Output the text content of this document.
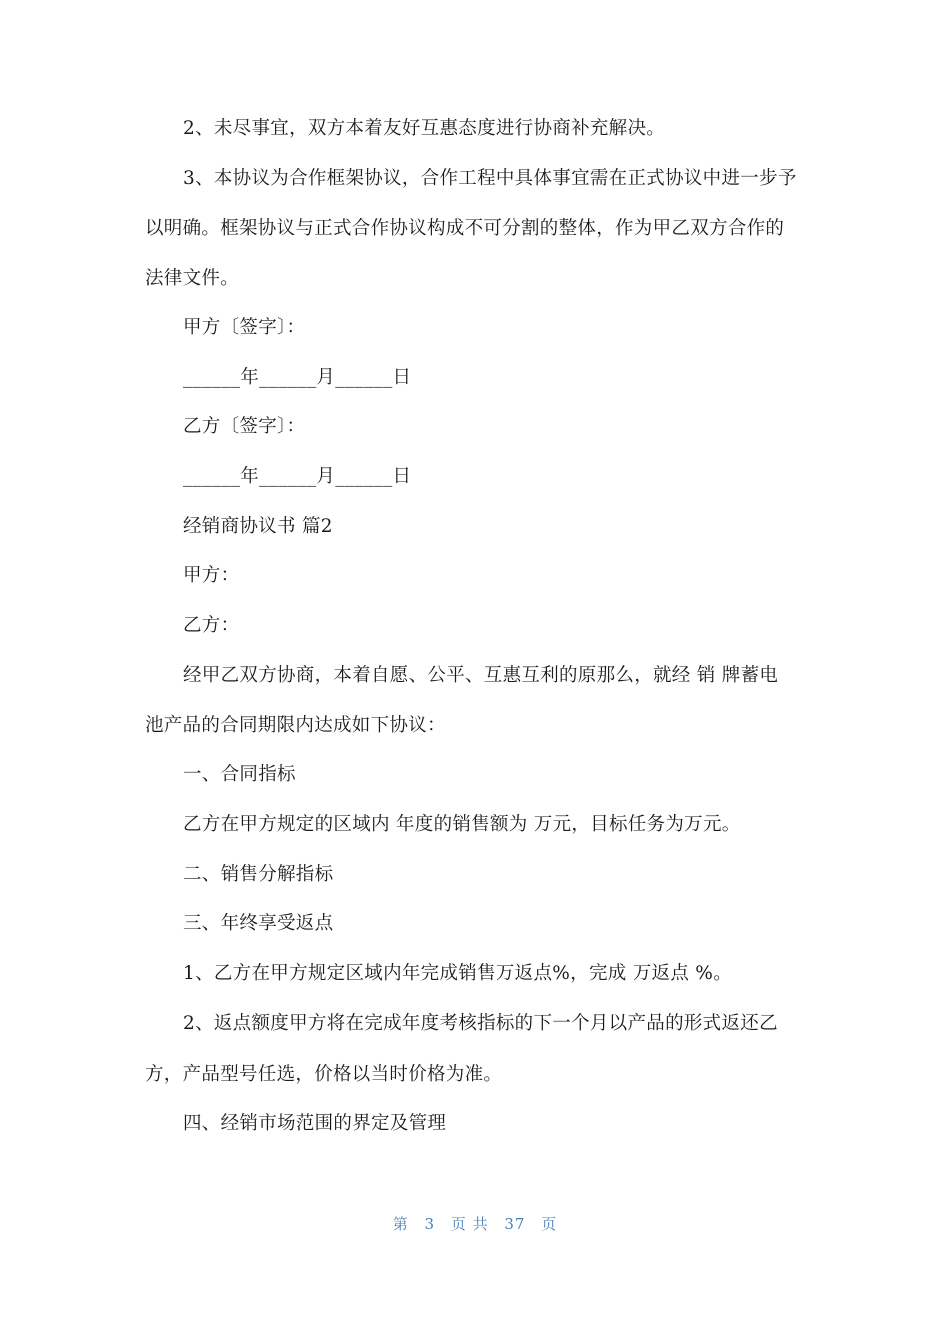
2、未尽事宜，双方本着友好互惠态度进行协商补充解决。
3、本协议为合作框架协议，合作工程中具体事宜需在正式协议中进一步予
以明确。框架协议与正式合作协议构成不可分割的整体，作为甲乙双方合作的
法律文件。
甲方〔签字〕：
______年______月______日
乙方〔签字〕：
______年______月______日
经销商协议书 篇2
甲方：
乙方：
经甲乙双方协商，本着自愿、公平、互惠互利的原那么，就经 销 牌蓄电
池产品的合同期限内达成如下协议：
一、合同指标
乙方在甲方规定的区域内 年度的销售额为 万元，目标任务为万元。
二、销售分解指标
三、年终享受返点
1、乙方在甲方规定区域内年完成销售万返点%，完成 万返点 %。
2、返点额度甲方将在完成年度考核指标的下一个月以产品的形式返还乙
方，产品型号任选，价格以当时价格为准。
四、经销市场范围的界定及管理
第 3 页 共 37 页
